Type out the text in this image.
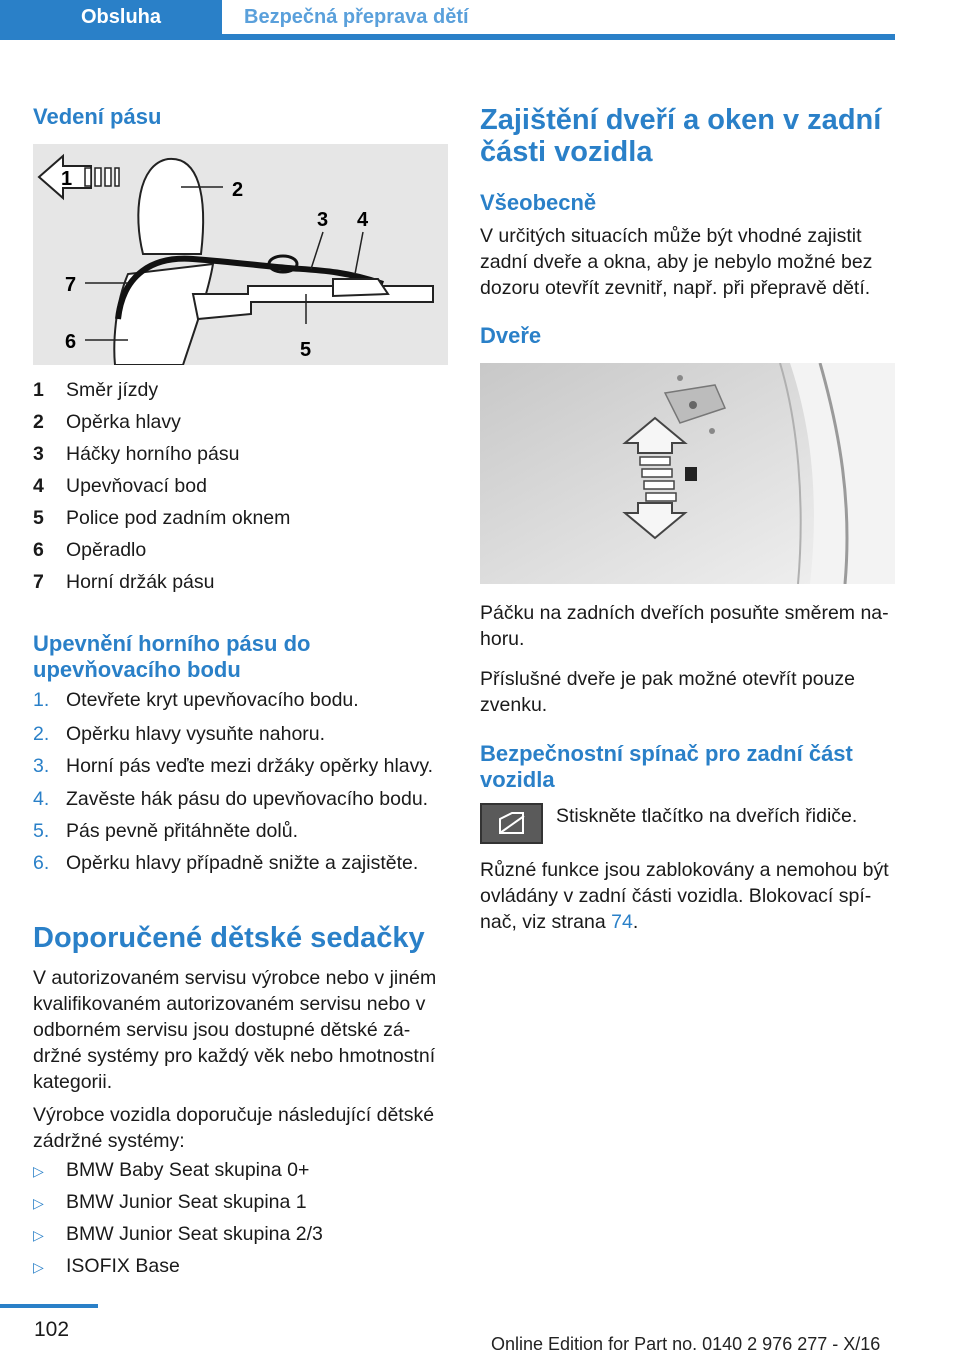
Obsluha	Bezpečná přeprava dětí
Vedení pásu
1	2
3 4
5
6
7
1 Směr jízdy
2 Opěrka hlavy
3 Háčky horního pásu
4 Upevňovací bod
5 Police pod zadním oknem
6 Opěradlo
7 Horní držák pásu
Upevnění horního pásu do
upevňovacího bodu
1. Otevřete kryt upevňovacího bodu.
2. Opěrku hlavy vysuňte nahoru.
3. Horní pás veďte mezi držáky opěrky hlavy.
4. Zavěste hák pásu do upevňovacího bodu.
5. Pás pevně přitáhněte dolů.
6. Opěrku hlavy případně snižte a zajistěte.
Doporučené dětské sedačky
V autorizovaném servisu výrobce nebo v jiném
kvalifikovaném autorizovaném servisu nebo v
odborném servisu jsou dostupné dětské zá‐
držné systémy pro každý věk nebo hmotnostní
kategorii.
Výrobce vozidla doporučuje následující dětské
zádržné systémy:
▷ BMW Baby Seat skupina 0+
▷ BMW Junior Seat skupina 1
▷ BMW Junior Seat skupina 2/3
▷ ISOFIX Base
Zajištění dveří a oken v zadní
části vozidla
Všeobecně
V určitých situacích může být vhodné zajistit
zadní dveře a okna, aby je nebylo možné bez
dozoru otevřít zevnitř, např. při přepravě dětí.
Dveře
Páčku na zadních dveřích posuňte směrem na‐
horu.
Příslušné dveře je pak možné otevřít pouze
zvenku.
Bezpečnostní spínač pro zadní část
vozidla
Stiskněte tlačítko na dveřích řidiče.
Různé funkce jsou zablokovány a nemohou být
ovládány v zadní části vozidla. Blokovací spí‐
nač, viz strana 74.
102
Online Edition for Part no. 0140 2 976 277 - X/16
